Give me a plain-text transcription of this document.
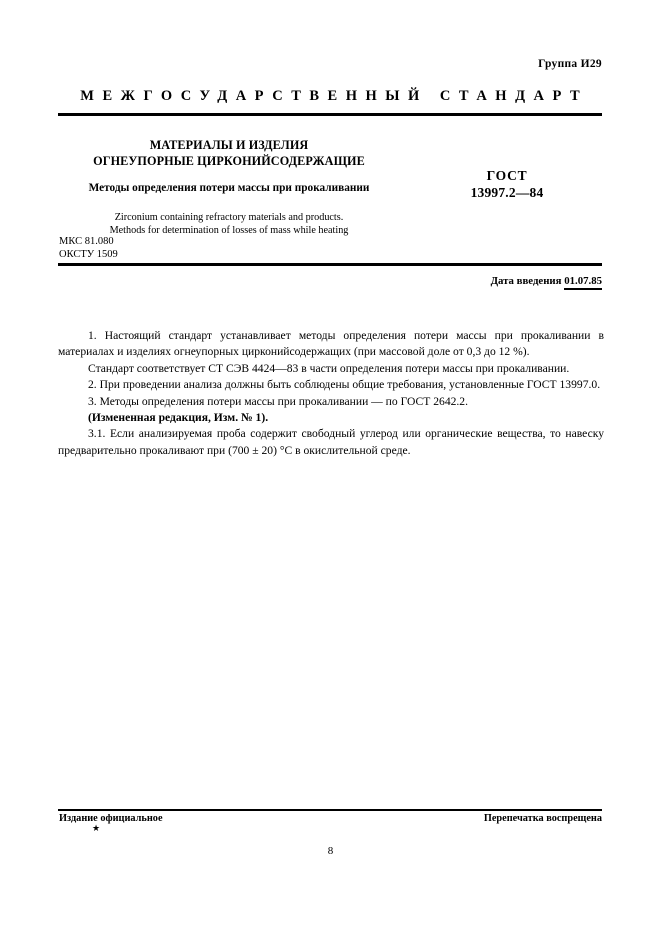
Группа И29
МЕЖГОСУДАРСТВЕННЫЙ СТАНДАРТ
МАТЕРИАЛЫ И ИЗДЕЛИЯ
ОГНЕУПОРНЫЕ ЦИРКОНИЙСОДЕРЖАЩИЕ
Методы определения потери массы при прокаливании
Zirconium containing refractory materials and products.
Methods for determination of losses of mass while heating
ГОСТ
13997.2—84
МКС 81.080
ОКСТУ 1509
Дата введения 01.07.85

1. Настоящий стандарт устанавливает методы определения потери массы при прокаливании в материалах и изделиях огнеупорных цирконийсодержащих (при массовой доле от 0,3 до 12 %).

Стандарт соответствует СТ СЭВ 4424—83 в части определения потери массы при прокаливании.

2. При проведении анализа должны быть соблюдены общие требования, установленные ГОСТ 13997.0.

3. Методы определения потери массы при прокаливании — по ГОСТ 2642.2.

(Измененная редакция, Изм. № 1).

3.1. Если анализируемая проба содержит свободный углерод или органические вещества, то навеску предварительно прокаливают при (700 ± 20) °С в окислительной среде.

Издание официальное
★
Перепечатка воспрещена
8
